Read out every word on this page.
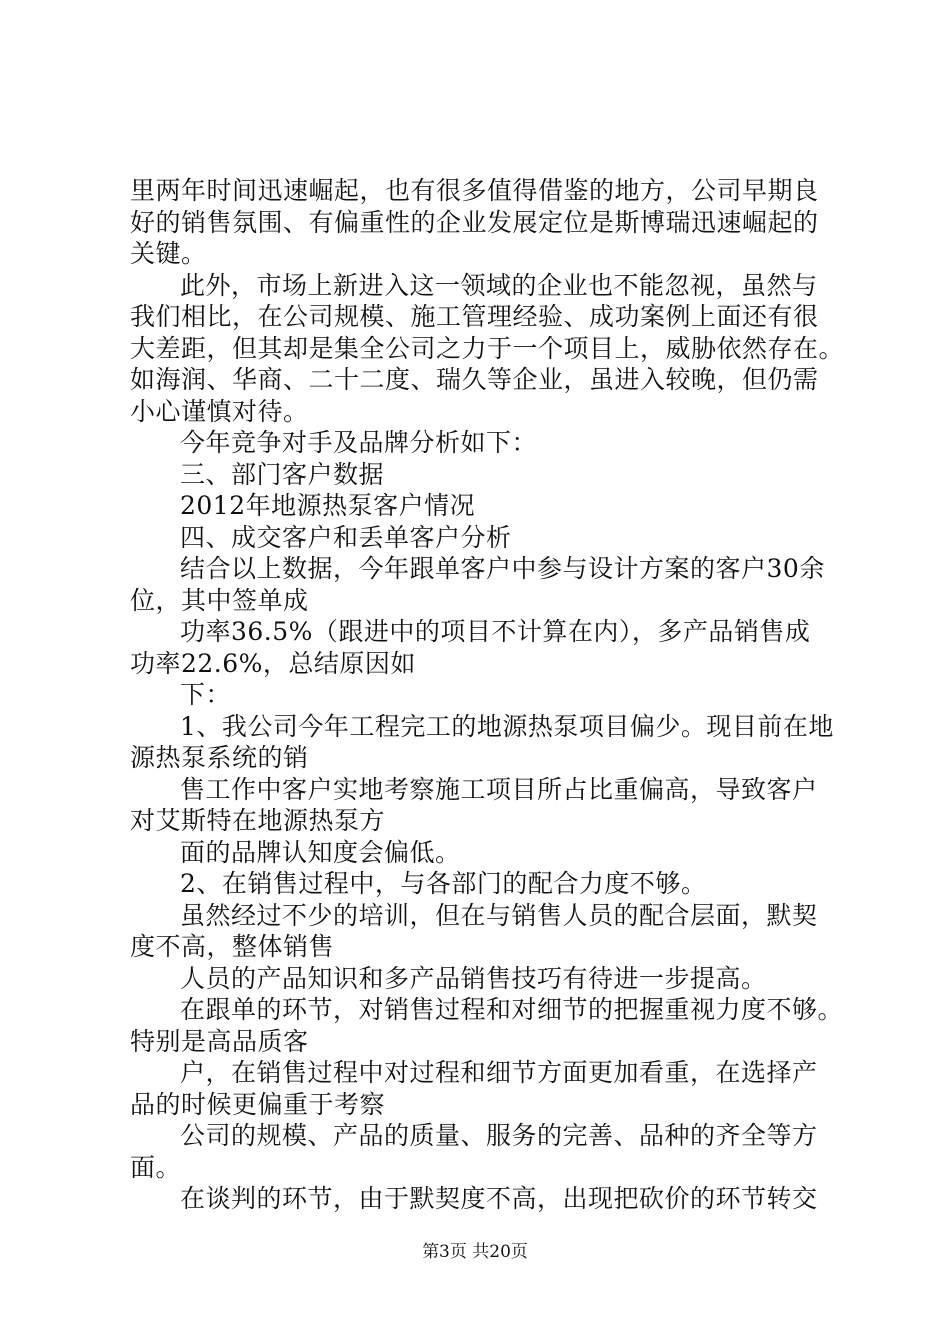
里两年时间迅速崛起，也有很多值得借鉴的地方，公司早期良
好的销售氛围、有偏重性的企业发展定位是斯博瑞迅速崛起的
关键。
此外，市场上新进入这一领域的企业也不能忽视，虽然与
我们相比，在公司规模、施工管理经验、成功案例上面还有很
大差距，但其却是集全公司之力于一个项目上，威胁依然存在。
如海润、华商、二十二度、瑞久等企业，虽进入较晚，但仍需
小心谨慎对待。
今年竞争对手及品牌分析如下：
三、部门客户数据
2012年地源热泵客户情况
四、成交客户和丢单客户分析
结合以上数据，今年跟单客户中参与设计方案的客户30余
位，其中签单成
功率36.5%（跟进中的项目不计算在内），多产品销售成
功率22.6%，总结原因如
下：
1、我公司今年工程完工的地源热泵项目偏少。现目前在地
源热泵系统的销
售工作中客户实地考察施工项目所占比重偏高，导致客户
对艾斯特在地源热泵方
面的品牌认知度会偏低。
2、在销售过程中，与各部门的配合力度不够。
虽然经过不少的培训，但在与销售人员的配合层面，默契
度不高，整体销售
人员的产品知识和多产品销售技巧有待进一步提高。
在跟单的环节，对销售过程和对细节的把握重视力度不够。
特别是高品质客
户，在销售过程中对过程和细节方面更加看重，在选择产
品的时候更偏重于考察
公司的规模、产品的质量、服务的完善、品种的齐全等方
面。
在谈判的环节，由于默契度不高，出现把砍价的环节转交
第3页 共20页
